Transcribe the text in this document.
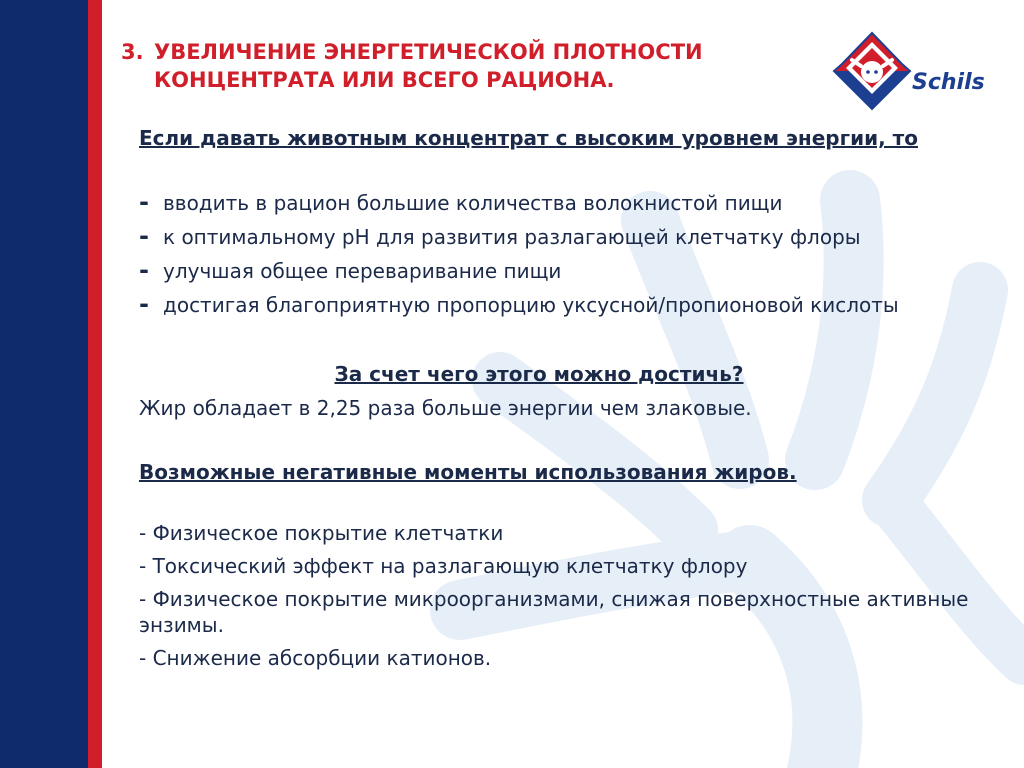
3. УВЕЛИЧЕНИЕ ЭНЕРГЕТИЧЕСКОЙ ПЛОТНОСТИ
КОНЦЕНТРАТА ИЛИ ВСЕГО РАЦИОНА.	Schils

Если давать животным концентрат с высоким уровнем энергии, то

- вводить в рацион большие количества волокнистой пищи
- к оптимальному pH для развития разлагающей клетчатку флоры
- улучшая общее переваривание пищи
- достигая благоприятную пропорцию уксусной/пропионовой кислоты

За счет чего этого можно достичь?

Жир обладает в 2,25 раза больше энергии чем злаковые.

Возможные негативные моменты использования жиров.

- Физическое покрытие клетчатки
- Токсический эффект на разлагающую клетчатку флору
- Физическое покрытие микроорганизмами, снижая поверхностные активные энзимы.
- Снижение абсорбции катионов.
